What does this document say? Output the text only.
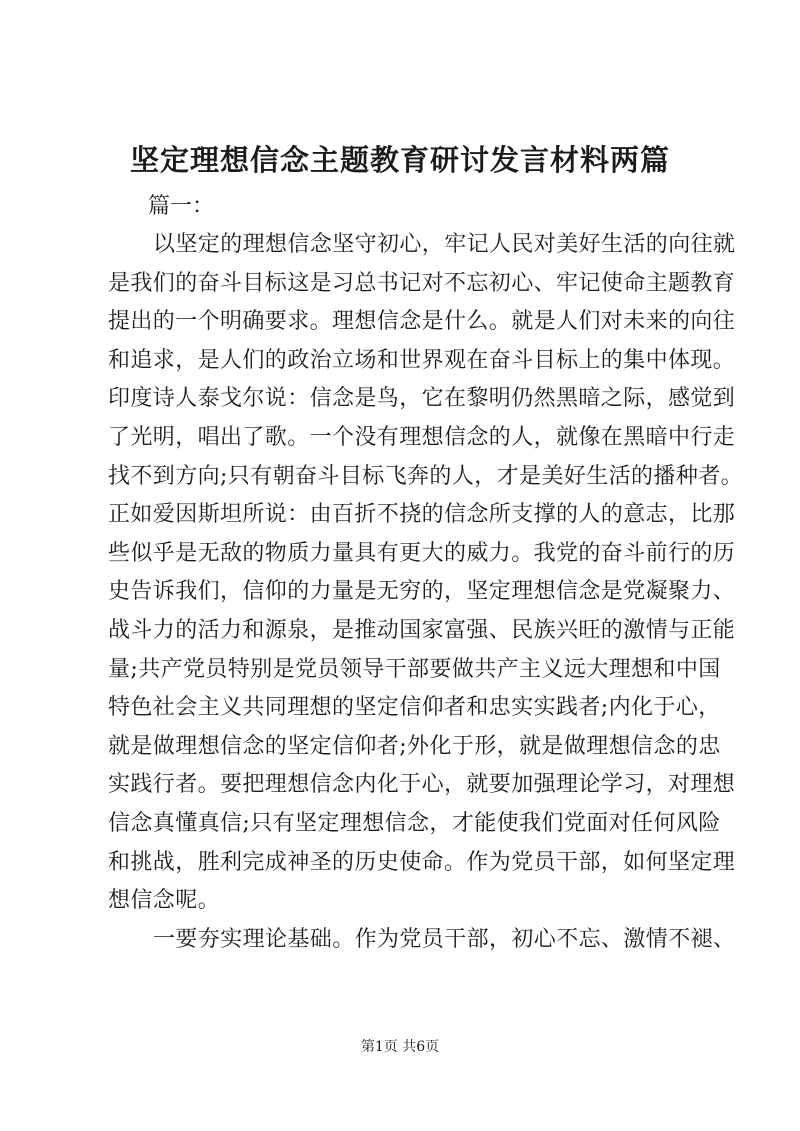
坚定理想信念主题教育研讨发言材料两篇

篇一：

以坚定的理想信念坚守初心，牢记人民对美好生活的向往就

是我们的奋斗目标这是习总书记对不忘初心、牢记使命主题教育

提出的一个明确要求。理想信念是什么。就是人们对未来的向往

和追求，是人们的政治立场和世界观在奋斗目标上的集中体现。

印度诗人泰戈尔说：信念是鸟，它在黎明仍然黑暗之际，感觉到

了光明，唱出了歌。一个没有理想信念的人，就像在黑暗中行走

找不到方向;只有朝奋斗目标飞奔的人，才是美好生活的播种者。

正如爱因斯坦所说：由百折不挠的信念所支撑的人的意志，比那

些似乎是无敌的物质力量具有更大的威力。我党的奋斗前行的历

史告诉我们，信仰的力量是无穷的，坚定理想信念是党凝聚力、

战斗力的活力和源泉，是推动国家富强、民族兴旺的激情与正能

量;共产党员特别是党员领导干部要做共产主义远大理想和中国

特色社会主义共同理想的坚定信仰者和忠实实践者;内化于心，

就是做理想信念的坚定信仰者;外化于形，就是做理想信念的忠

实践行者。要把理想信念内化于心，就要加强理论学习，对理想

信念真懂真信;只有坚定理想信念，才能使我们党面对任何风险

和挑战，胜利完成神圣的历史使命。作为党员干部，如何坚定理

想信念呢。

一要夯实理论基础。作为党员干部，初心不忘、激情不褪、

第1页 共6页
